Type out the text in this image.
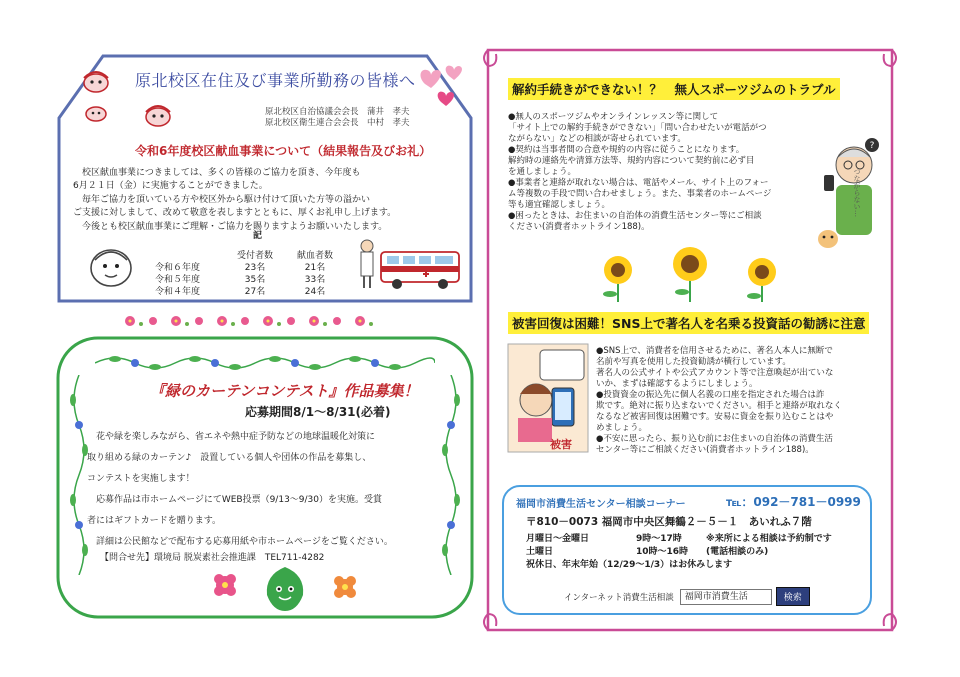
原北校区在住及び事業所勤務の皆様へ
原北校区自治協議会会長　 蒲井　孝夫
原北校区衛生連合会会長　 中村　孝夫
令和6年度校区献血事業について（結果報告及びお礼）

　校区献血事業につきましては、多くの皆様のご協力を頂き、今年度も

6月２１日（金）に実施することができました。

　毎年ご協力を頂いている方や校区外から駆け付けて頂いた方等の溢かい

ご支援に対しまして、改めて敬意を表しますとともに、厚くお礼申し上げます。

　今後とも校区献血事業にご理解・ご協力を賜りますようお願いいたします。

記
受付者数	献血者数
令和６年度	23名	21名
令和５年度	35名	33名
令和４年度	27名	24名
『緑のカーテンコンテスト』作品募集！
応募期間8/1～8/31(必着)

　花や緑を楽しみながら、省エネや熱中症予防などの地球温暖化対策に

取り組める緑のカーテン♪　設置している個人や団体の作品を募集し、

コンテストを実施します！

　応募作品は市ホームページにてWEB投票（9/13～9/30）を実施。受賞

者にはギフトカードを贈ります。

　詳細は公民館などで配布する応募用紙や市ホームページをご覧ください。

【問合せ先】環境局 脱炭素社会推進課　TEL711-4282
解約手続きができない！？　無人スポーツジムのトラブル

●無人のスポーツジムやオンラインレッスン等に関して

「サイト上での解約手続きができない」「問い合わせたいが電話がつ

ながらない」などの相談が寄せられています。

●契約は当事者間の合意や規約の内容に従うことになります。

解約時の連絡先や清算方法等、規約内容について契約前に必ず目

を通しましょう。

●事業者と連絡が取れない場合は、電話やメール、サイト上のフォー

ム等複数の手段で問い合わせましょう。また、事業者のホームページ

等も適宜確認しましょう。

●困ったときは、お住まいの自治体の消費生活センター等にご相談

ください(消費者ホットライン188)。

?
つながらない…
被害回復は困難！SNS上で著名人を名乗る投資話の勧誘に注意
被害

●SNS上で、消費者を信用させるために、著名人本人に無断で

名前や写真を使用した投資勧誘が横行しています。

著名人の公式サイトや公式アカウント等で注意喚起が出ていな

いか、まずは確認するようにしましょう。

●投資資金の振込先に個人名義の口座を指定された場合は詐

欺です。絶対に振り込まないでください。相手と連絡が取れなく

なるなど被害回復は困難です。安易に資金を振り込むことはや

めましょう。

●不安に思ったら、振り込む前にお住まいの自治体の消費生活

センター等にご相談ください(消費者ホットライン188)。

福岡市消費生活センター相談コーナー	℡：092－781－0999
〒810－0073 福岡市中央区舞鶴２－５－１　あいれふ７階

月曜日～金曜日	9時～17時	※来所による相談は予約制です

土曜日	10時～16時 (電話相談のみ)

祝休日、年末年始（12/29～1/3）はお休みします

インターネット消費生活相談	福岡市消費生活	検索
